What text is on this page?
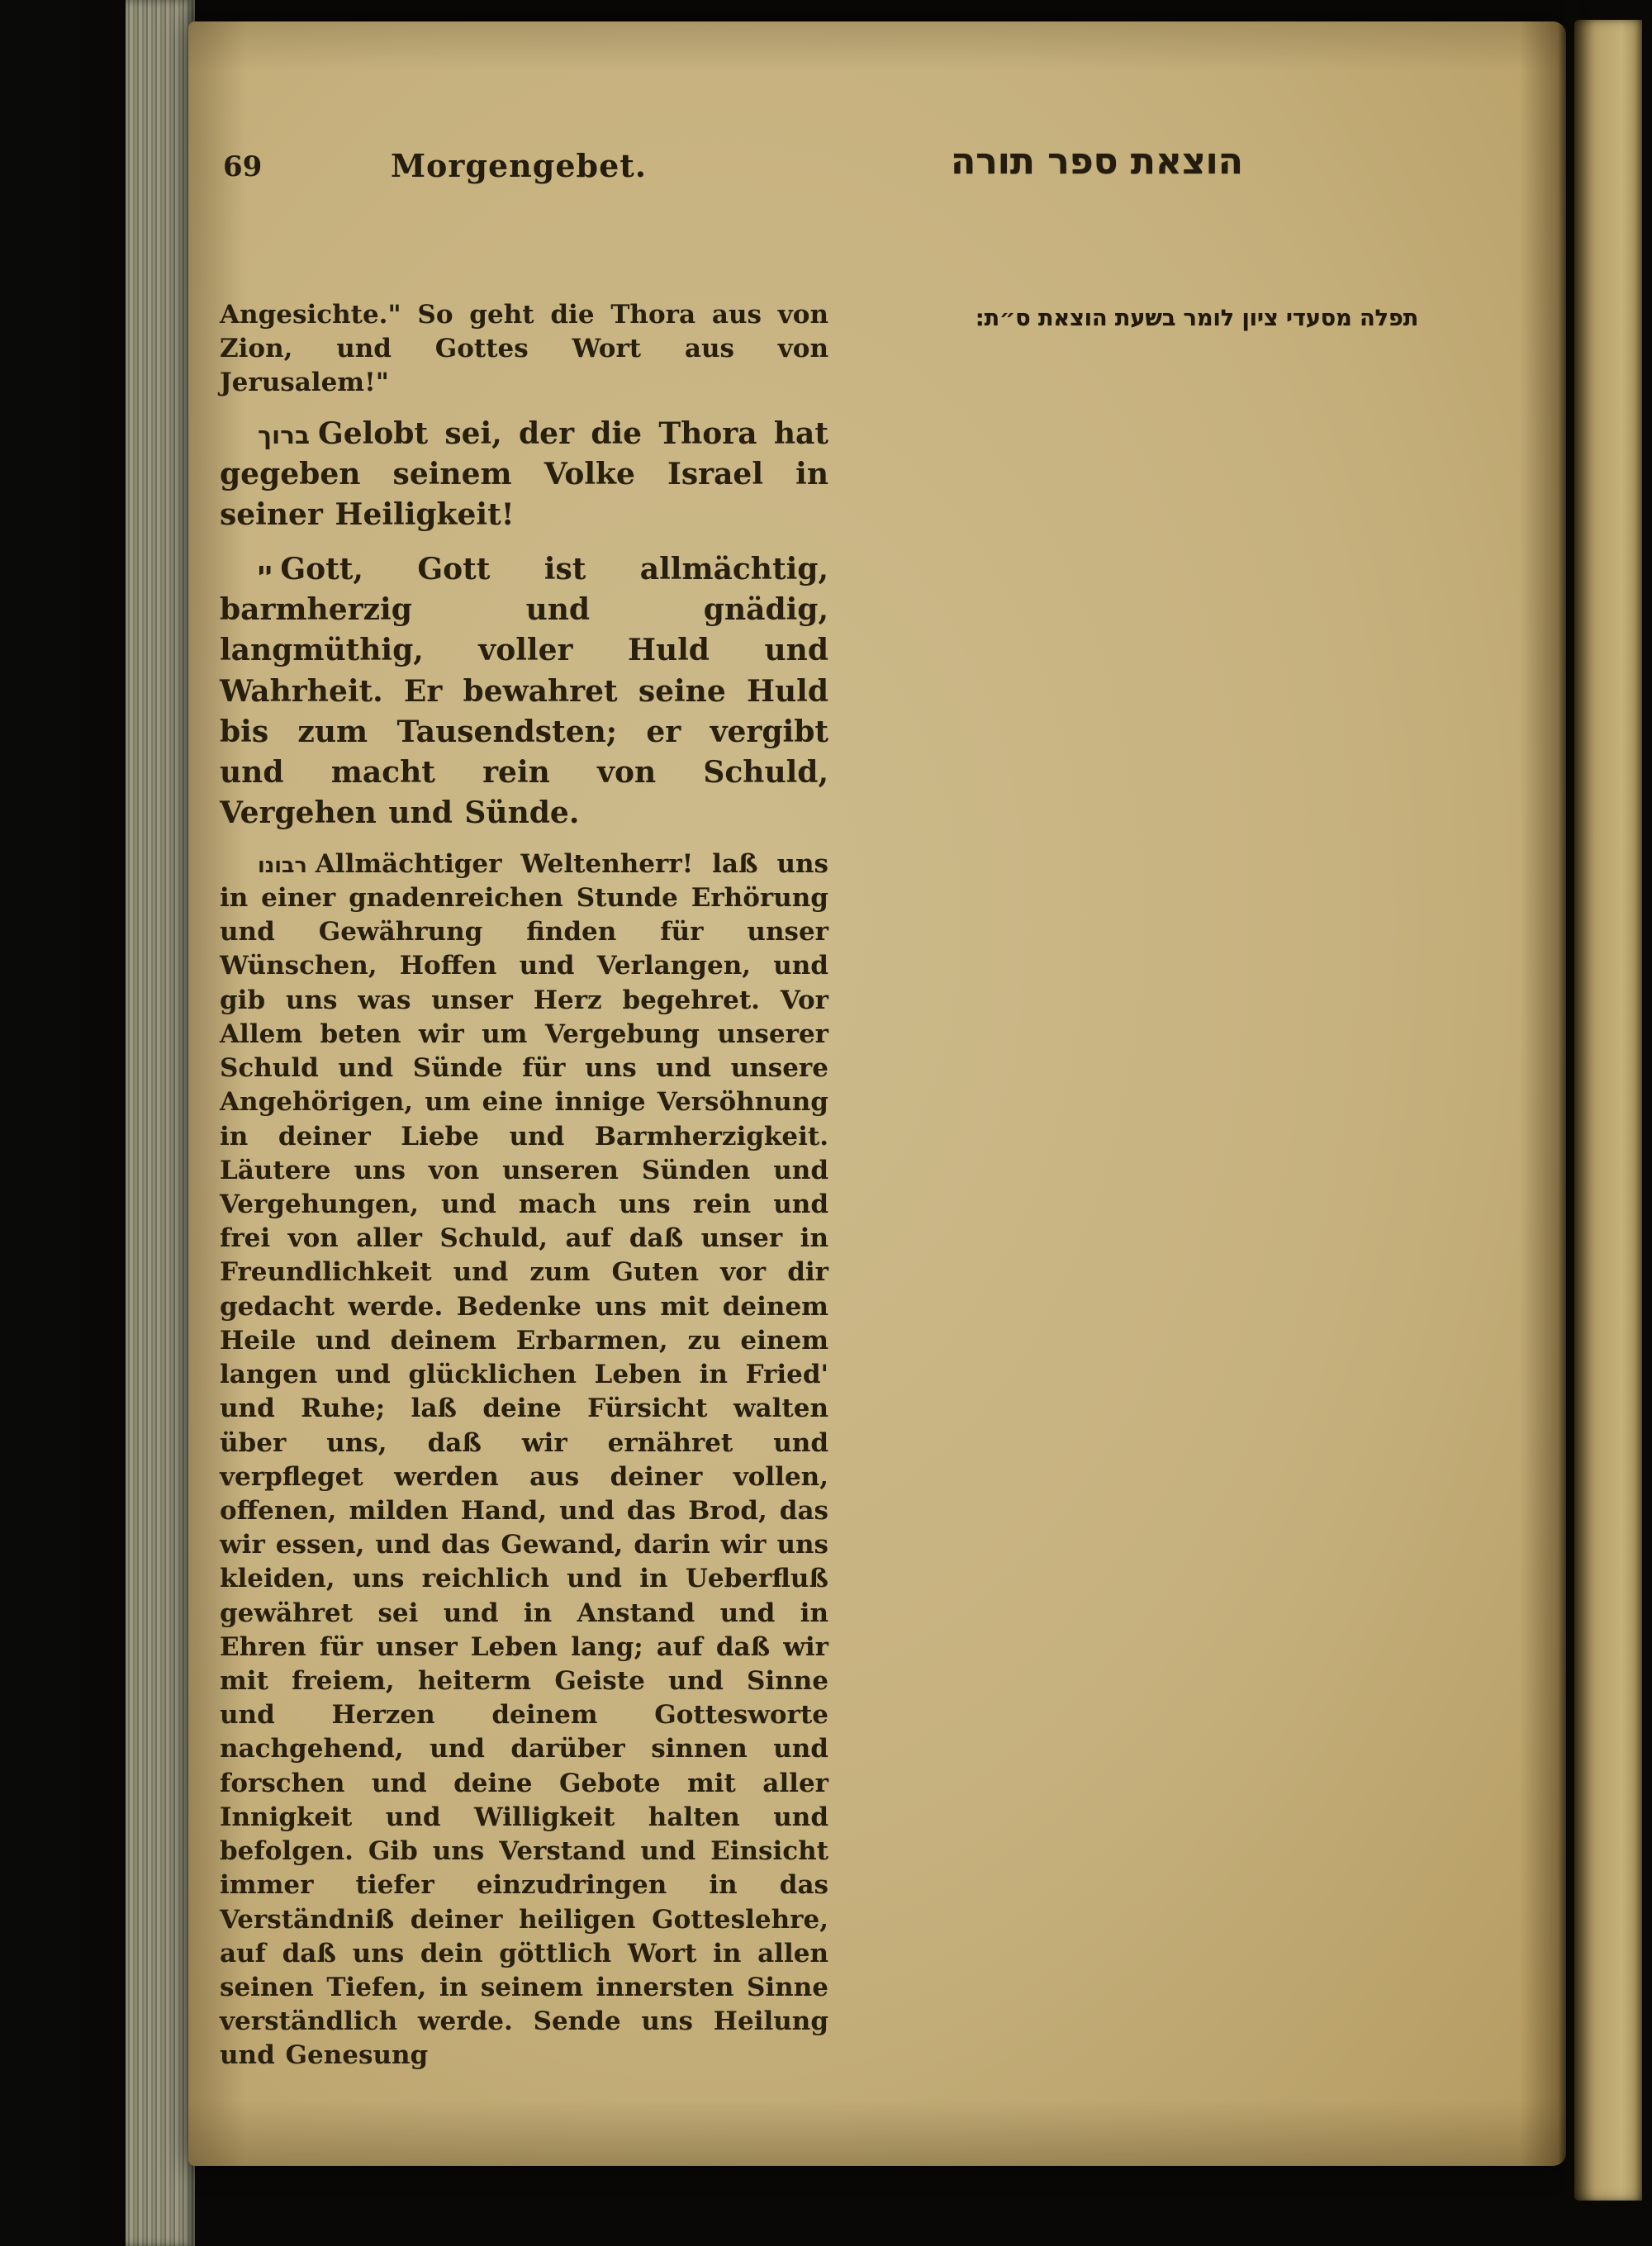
69	Morgengebet.	הוצאת ספר תורה

Angesichte." So geht die Thora aus von Zion, und Gottes Wort aus von Jerusalem!"

ברוך Gelobt sei, der die Thora hat gegeben seinem Volke Israel in seiner Heiligkeit!

יי Gott, Gott ist allmächtig, barmherzig und gnädig, langmüthig, voller Huld und Wahrheit. Er bewahret seine Huld bis zum Tausendsten; er vergibt und macht rein von Schuld, Vergehen und Sünde.

רבונו Allmächtiger Weltenherr! laß uns in einer gnadenreichen Stunde Erhörung und Gewährung finden für unser Wünschen, Hoffen und Verlangen, und gib uns was unser Herz begehret. Vor Allem beten wir um Vergebung unserer Schuld und Sünde für uns und unsere Angehörigen, um eine innige Versöhnung in deiner Liebe und Barmherzigkeit. Läutere uns von unseren Sünden und Vergehungen, und mach uns rein und frei von aller Schuld, auf daß unser in Freundlichkeit und zum Guten vor dir gedacht werde. Bedenke uns mit deinem Heile und deinem Erbarmen, zu einem langen und glücklichen Leben in Fried' und Ruhe; laß deine Fürsicht walten über uns, daß wir ernähret und verpfleget werden aus deiner vollen, offenen, milden Hand, und das Brod, das wir essen, und das Gewand, darin wir uns kleiden, uns reichlich und in Ueberfluß gewähret sei und in Anstand und in Ehren für unser Leben lang; auf daß wir mit freiem, heiterm Geiste und Sinne und Herzen deinem Gottesworte nachgehend, und darüber sinnen und forschen und deine Gebote mit aller Innigkeit und Willigkeit halten und befolgen. Gib uns Verstand und Einsicht immer tiefer einzudringen in das Verständniß deiner heiligen Gotteslehre, auf daß uns dein göttlich Wort in allen seinen Tiefen, in seinem innersten Sinne verständlich werde. Sende uns Heilung und Genesung

תפלה מסעדי ציון לומר בשעת הוצאת ס״ת:
